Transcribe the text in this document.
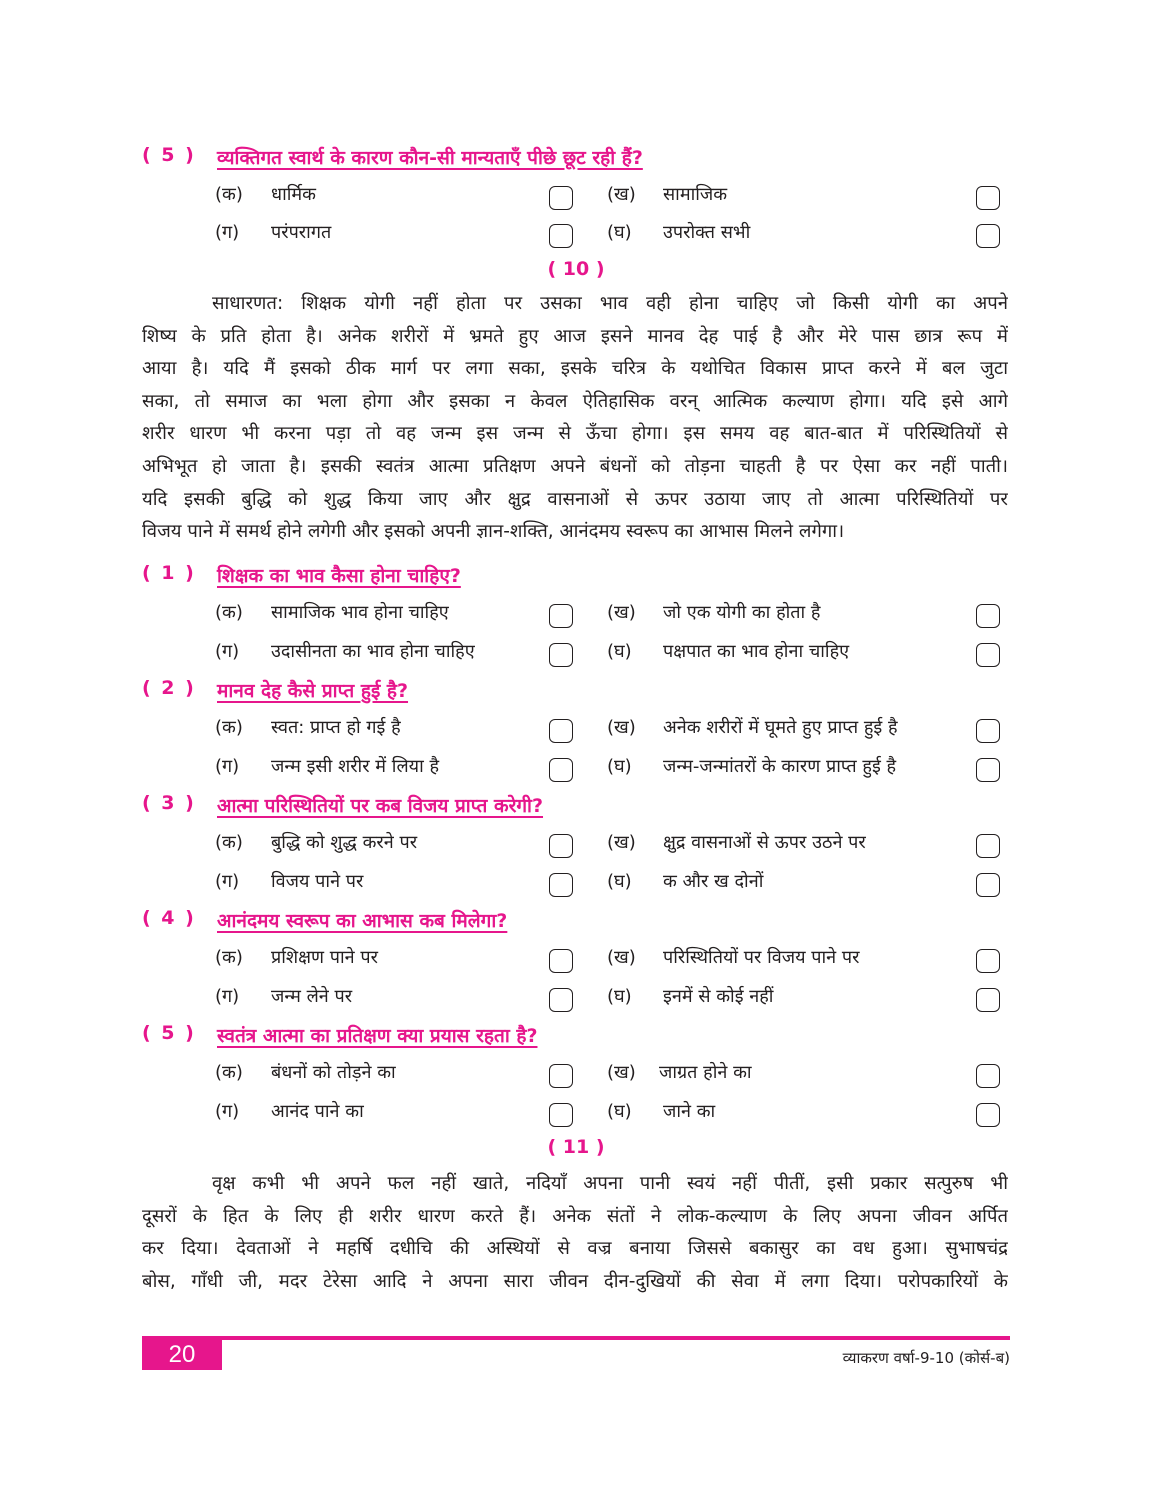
( 5 ) व्यक्तिगत स्वार्थ के कारण कौन-सी मान्यताएँ पीछे छूट रही हैं?
(क) धार्मिक	(ख) सामाजिक
(ग) परंपरागत	(घ) उपरोक्त सभी
( 10 )
साधारणत: शिक्षक योगी नहीं होता पर उसका भाव वही होना चाहिए जो किसी योगी का अपने
शिष्य के प्रति होता है। अनेक शरीरों में भ्रमते हुए आज इसने मानव देह पाई है और मेरे पास छात्र रूप में
आया है। यदि मैं इसको ठीक मार्ग पर लगा सका, इसके चरित्र के यथोचित विकास प्राप्त करने में बल जुटा
सका, तो समाज का भला होगा और इसका न केवल ऐतिहासिक वरन् आत्मिक कल्याण होगा। यदि इसे आगे
शरीर धारण भी करना पड़ा तो वह जन्म इस जन्म से ऊँचा होगा। इस समय वह बात-बात में परिस्थितियों से
अभिभूत हो जाता है। इसकी स्वतंत्र आत्मा प्रतिक्षण अपने बंधनों को तोड़ना चाहती है पर ऐसा कर नहीं पाती।
यदि इसकी बुद्धि को शुद्ध किया जाए और क्षुद्र वासनाओं से ऊपर उठाया जाए तो आत्मा परिस्थितियों पर
विजय पाने में समर्थ होने लगेगी और इसको अपनी ज्ञान-शक्ति, आनंदमय स्वरूप का आभास मिलने लगेगा।
( 1 ) शिक्षक का भाव कैसा होना चाहिए?
(क) सामाजिक भाव होना चाहिए	(ख) जो एक योगी का होता है
(ग) उदासीनता का भाव होना चाहिए	(घ) पक्षपात का भाव होना चाहिए
( 2 ) मानव देह कैसे प्राप्त हुई है?
(क) स्वत: प्राप्त हो गई है	(ख) अनेक शरीरों में घूमते हुए प्राप्त हुई है
(ग) जन्म इसी शरीर में लिया है	(घ) जन्म-जन्मांतरों के कारण प्राप्त हुई है
( 3 ) आत्मा परिस्थितियों पर कब विजय प्राप्त करेगी?
(क) बुद्धि को शुद्ध करने पर	(ख) क्षुद्र वासनाओं से ऊपर उठने पर
(ग) विजय पाने पर	(घ) क और ख दोनों
( 4 ) आनंदमय स्वरूप का आभास कब मिलेगा?
(क) प्रशिक्षण पाने पर	(ख) परिस्थितियों पर विजय पाने पर
(ग) जन्म लेने पर	(घ) इनमें से कोई नहीं
( 5 ) स्वतंत्र आत्मा का प्रतिक्षण क्या प्रयास रहता है?
(क) बंधनों को तोड़ने का	(ख) जाग्रत होने का
(ग) आनंद पाने का	(घ) जाने का
( 11 )
वृक्ष कभी भी अपने फल नहीं खाते, नदियाँ अपना पानी स्वयं नहीं पीतीं, इसी प्रकार सत्पुरुष भी
दूसरों के हित के लिए ही शरीर धारण करते हैं। अनेक संतों ने लोक-कल्याण के लिए अपना जीवन अर्पित
कर दिया। देवताओं ने महर्षि दधीचि की अस्थियों से वज्र बनाया जिससे बकासुर का वध हुआ। सुभाषचंद्र
बोस, गाँधी जी, मदर टेरेसा आदि ने अपना सारा जीवन दीन-दुखियों की सेवा में लगा दिया। परोपकारियों के
20	व्याकरण वर्षा-9-10 (कोर्स-ब)
